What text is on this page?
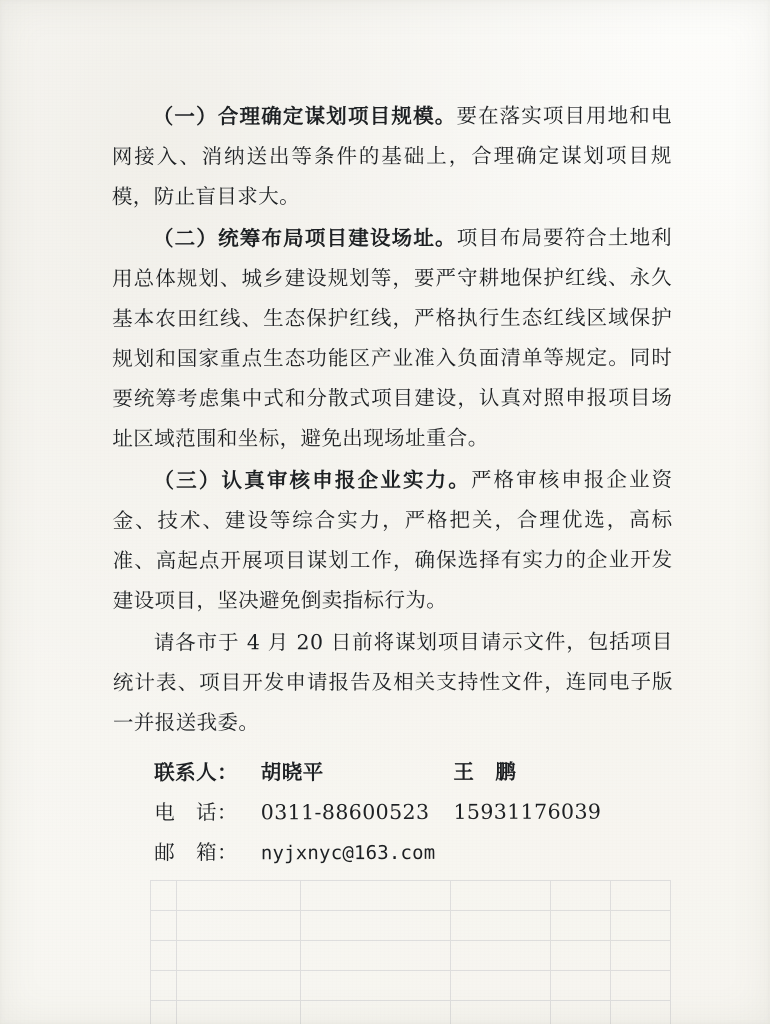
（一）合理确定谋划项目规模。要在落实项目用地和电网接入、消纳送出等条件的基础上，合理确定谋划项目规模，防止盲目求大。

（二）统筹布局项目建设场址。项目布局要符合土地利用总体规划、城乡建设规划等，要严守耕地保护红线、永久基本农田红线、生态保护红线，严格执行生态红线区域保护规划和国家重点生态功能区产业准入负面清单等规定。同时要统筹考虑集中式和分散式项目建设，认真对照申报项目场址区域范围和坐标，避免出现场址重合。

（三）认真审核申报企业实力。严格审核申报企业资金、技术、建设等综合实力，严格把关，合理优选，高标准、高起点开展项目谋划工作，确保选择有实力的企业开发建设项目，坚决避免倒卖指标行为。

请各市于 4 月 20 日前将谋划项目请示文件，包括项目统计表、项目开发申请报告及相关支持性文件，连同电子版一并报送我委。

联系人： 胡晓平	王　鹏
电　话： 0311-88600523 15931176039
邮　箱： nyjxnyc@163.com
